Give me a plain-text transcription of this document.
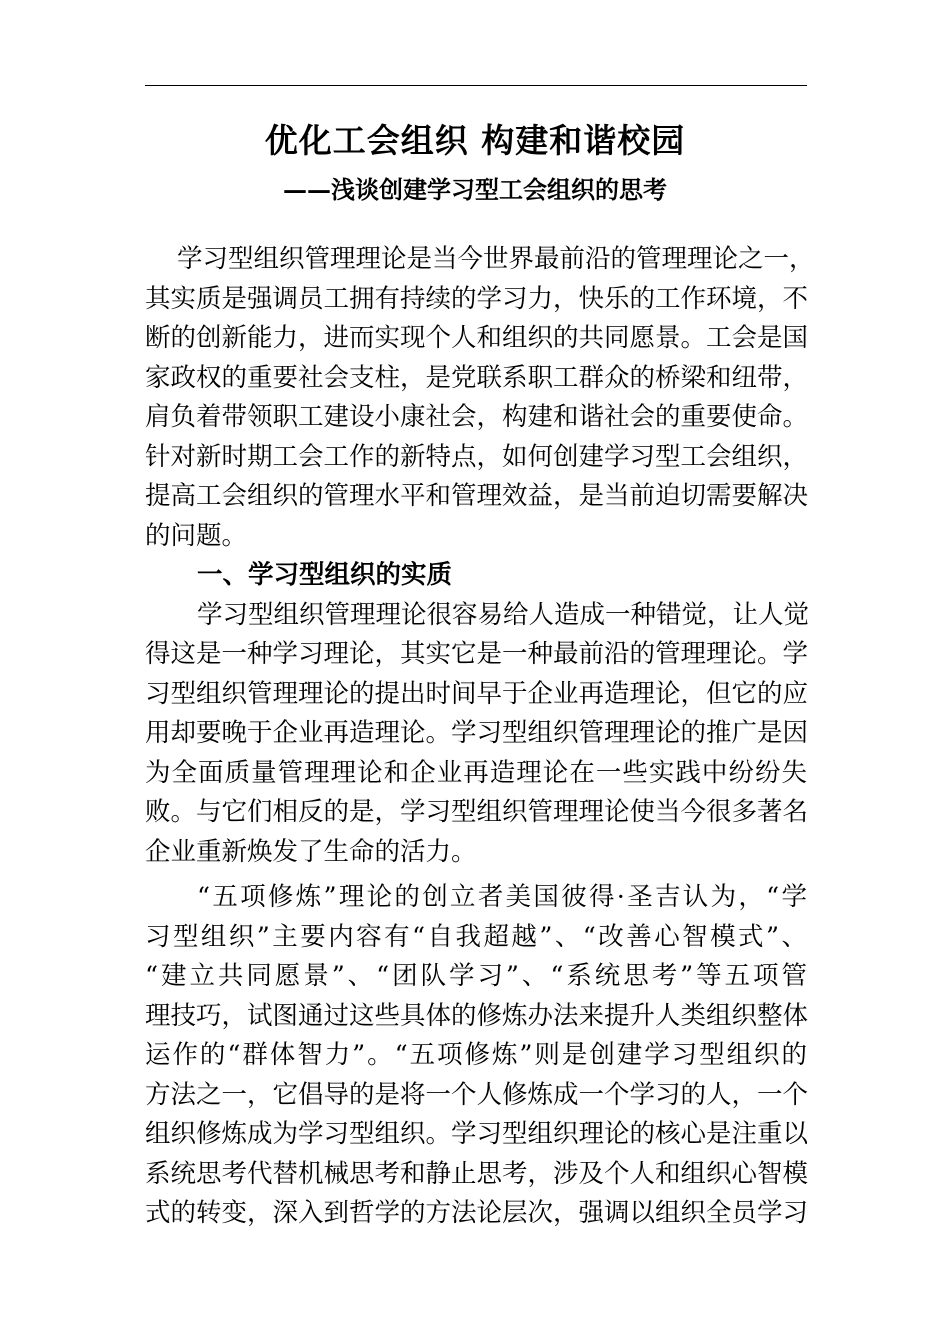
优化工会组织 构建和谐校园
——浅谈创建学习型工会组织的思考
学习型组织管理理论是当今世界最前沿的管理理论之一，
其实质是强调员工拥有持续的学习力，快乐的工作环境，不
断的创新能力，进而实现个人和组织的共同愿景。工会是国
家政权的重要社会支柱，是党联系职工群众的桥梁和纽带，
肩负着带领职工建设小康社会，构建和谐社会的重要使命。
针对新时期工会工作的新特点，如何创建学习型工会组织，
提高工会组织的管理水平和管理效益，是当前迫切需要解决
的问题。
一、学习型组织的实质
学习型组织管理理论很容易给人造成一种错觉，让人觉
得这是一种学习理论，其实它是一种最前沿的管理理论。学
习型组织管理理论的提出时间早于企业再造理论，但它的应
用却要晚于企业再造理论。学习型组织管理理论的推广是因
为全面质量管理理论和企业再造理论在一些实践中纷纷失
败。与它们相反的是，学习型组织管理理论使当今很多著名
企业重新焕发了生命的活力。
“五项修炼”理论的创立者美国彼得·圣吉认为，“学
习型组织”主要内容有“自我超越”、“改善心智模式”、
“建立共同愿景”、“团队学习”、“系统思考”等五项管
理技巧，试图通过这些具体的修炼办法来提升人类组织整体
运作的“群体智力”。“五项修炼”则是创建学习型组织的
方法之一，它倡导的是将一个人修炼成一个学习的人，一个
组织修炼成为学习型组织。学习型组织理论的核心是注重以
系统思考代替机械思考和静止思考，涉及个人和组织心智模
式的转变，深入到哲学的方法论层次，强调以组织全员学习
